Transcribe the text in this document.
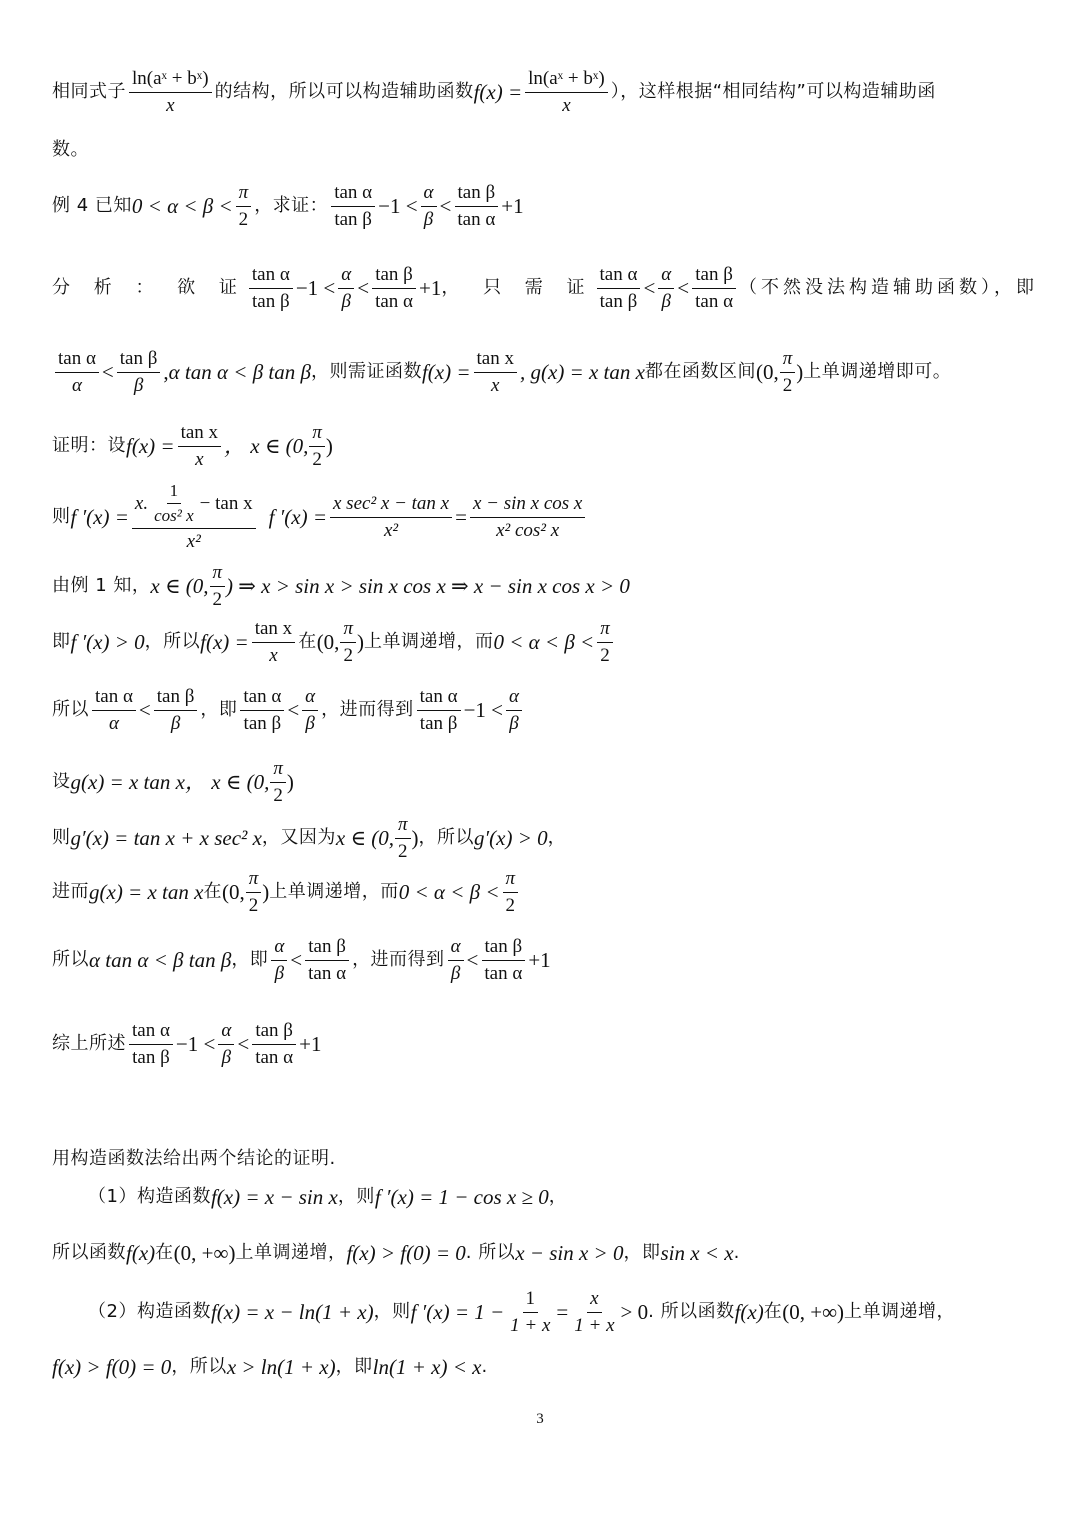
相同式子 $\frac{\text{ln(aˣ + bˣ)}}{x}$ 的结构，所以可以构造辅助函数 $f(x) = \frac{\text{ln(aˣ + bˣ)}}{x}$ ），这样根据“相同结构”可以构造辅助函
数。
例 4 已知 $0 < \alpha < \beta < \frac{\pi}{2}$ ，求证： $\frac{\text{tan α}}{\text{tan β}} -1 < \frac{\alpha}{\beta} < \frac{\text{tan β}}{\text{tan α}} +1$
分 析 ： 欲 证 $\frac{\text{tan α}}{\text{tan β}} -1 < \frac{\alpha}{\beta} < \frac{\text{tan β}}{\text{tan α}} +1$ ， 只 需 证 $\frac{\text{tan α}}{\text{tan β}} < \frac{\alpha}{\beta} < \frac{\text{tan β}}{\text{tan α}}$ （不然没法构造辅助函数），即
$\frac{\text{tan α}}{\alpha} < \frac{\text{tan β}}{\beta}$ , α tan α < β tan β ，则需证函数 $f(x) = \frac{\text{tan x}}{x}$ , g(x) = x tan x 都在函数区间 (0, $\frac{\pi}{2}$ ) 上单调递增即可。
证明：设 $f(x) = \frac{\text{tan x}}{x}$ ， x ∈ (0, $\frac{\pi}{2}$ )
则 f $'(x) = \frac{x. \frac{1}{\text{cos² x}} - \tan x}{\text{x²}}$ f $'(x) = \frac{\text{x sec² x − tan x}}{\text{x²}} = \frac{\text{x − sin x cos x}}{\text{x² cos² x}}$
由例 1 知， x ∈ (0, $\frac{\pi}{2}$ ) ⇒ x > sin x > sin x cos x ⇒ x − sin x cos x > 0
即 f ′(x) > 0 ，所以 $f(x) = \frac{\text{tan x}}{x}$ 在 (0, $\frac{\pi}{2}$ ) 上单调递增，而 $0 < \alpha < \beta < \frac{\pi}{2}$
所以 $\frac{\text{tan α}}{\alpha} < \frac{\text{tan β}}{\beta}$ ，即 $\frac{\text{tan α}}{\text{tan β}} < \frac{\alpha}{\beta}$ ，进而得到 $\frac{\text{tan α}}{\text{tan β}} -1 < \frac{\alpha}{\beta}$
设 g(x) = x tan x ， x ∈ (0, $\frac{\pi}{2}$ )
则 g′(x) = tan x + x sec² x ，又因为 x ∈ (0, $\frac{\pi}{2}$ ) ，所以 g′(x) > 0 ，
进而 g(x) = x tan x 在 (0, $\frac{\pi}{2}$ ) 上单调递增，而 $0 < \alpha < \beta < \frac{\pi}{2}$
所以 α tan α < β tan β ，即 $\frac{\alpha}{\beta} < \frac{\text{tan β}}{\text{tan α}}$ ，进而得到 $\frac{\alpha}{\beta} < \frac{\text{tan β}}{\text{tan α}} +1$
综上所述 $\frac{\text{tan α}}{\text{tan β}} -1 < \frac{\alpha}{\beta} < \frac{\text{tan β}}{\text{tan α}} +1$
用构造函数法给出两个结论的证明.
（1）构造函数 f(x) = x − sin x ，则 f ′(x) = 1 − cos x ≥ 0 ，
所以函数 f(x) 在 (0, +∞) 上单调递增， f(x) > f(0) = 0 . 所以 x − sin x > 0 ，即 sin x < x .
（2）构造函数 f(x) = x − ln(1 + x) ，则 f $'(x) = 1 - \frac{1}{1 + x} = \frac{x}{1 + x} > 0$ . 所以函数 f(x) 在 (0, +∞) 上单调递增，
f(x) > f(0) = 0 ，所以 x > ln(1 + x) ，即 ln(1 + x) < x .
3
